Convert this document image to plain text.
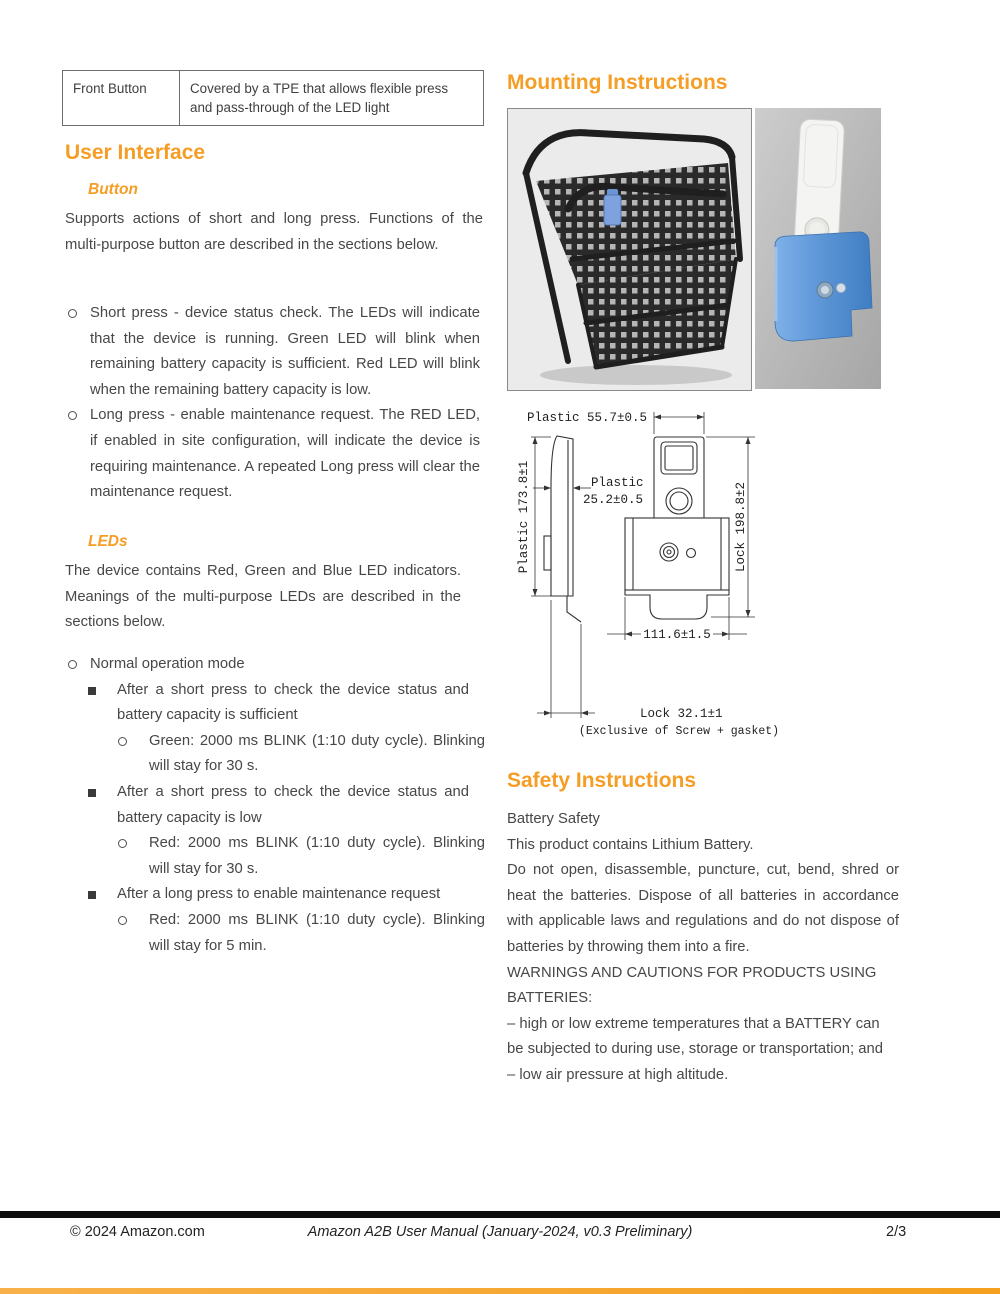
Front Button	Covered by a TPE that allows flexible press and pass-through of the LED light
User Interface
Button
Supports actions of short and long press. Functions of the multi-purpose button are described in the sections below.
Short press - device status check. The LEDs will indicate that the device is running. Green LED will blink when remaining battery capacity is sufficient. Red LED will blink when the remaining battery capacity is low.
Long press - enable maintenance request. The RED LED, if enabled in site configuration, will indicate the device is requiring maintenance. A repeated Long press will clear the maintenance request.
LEDs
The device contains Red, Green and Blue LED indicators. Meanings of the multi-purpose LEDs are described in the sections below.
Normal operation mode
After a short press to check the device status and battery capacity is sufficient
Green: 2000 ms BLINK (1:10 duty cycle). Blinking will stay for 30 s.
After a short press to check the device status and battery capacity is low
Red: 2000 ms BLINK (1:10 duty cycle). Blinking will stay for 30 s.
After a long press to enable maintenance request
Red: 2000 ms BLINK (1:10 duty cycle). Blinking will stay for 5 min.
Mounting Instructions
Plastic 55.7±0.5
Plastic 173.8±1	Plastic
25.2±0.5	Lock 198.8±2
111.6±1.5
Lock 32.1±1
(Exclusive of Screw + gasket)
Safety Instructions

Battery Safety

This product contains Lithium Battery.

Do not open, disassemble, puncture, cut, bend, shred or heat the batteries. Dispose of all batteries in accordance with applicable laws and regulations and do not dispose of batteries by throwing them into a fire.

WARNINGS AND CAUTIONS FOR PRODUCTS USING BATTERIES:

– high or low extreme temperatures that a BATTERY can be subjected to during use, storage or transportation; and

– low air pressure at high altitude.

Amazon A2B User Manual (January-2024, v0.3 Preliminary)
© 2024 Amazon.com	2/3
